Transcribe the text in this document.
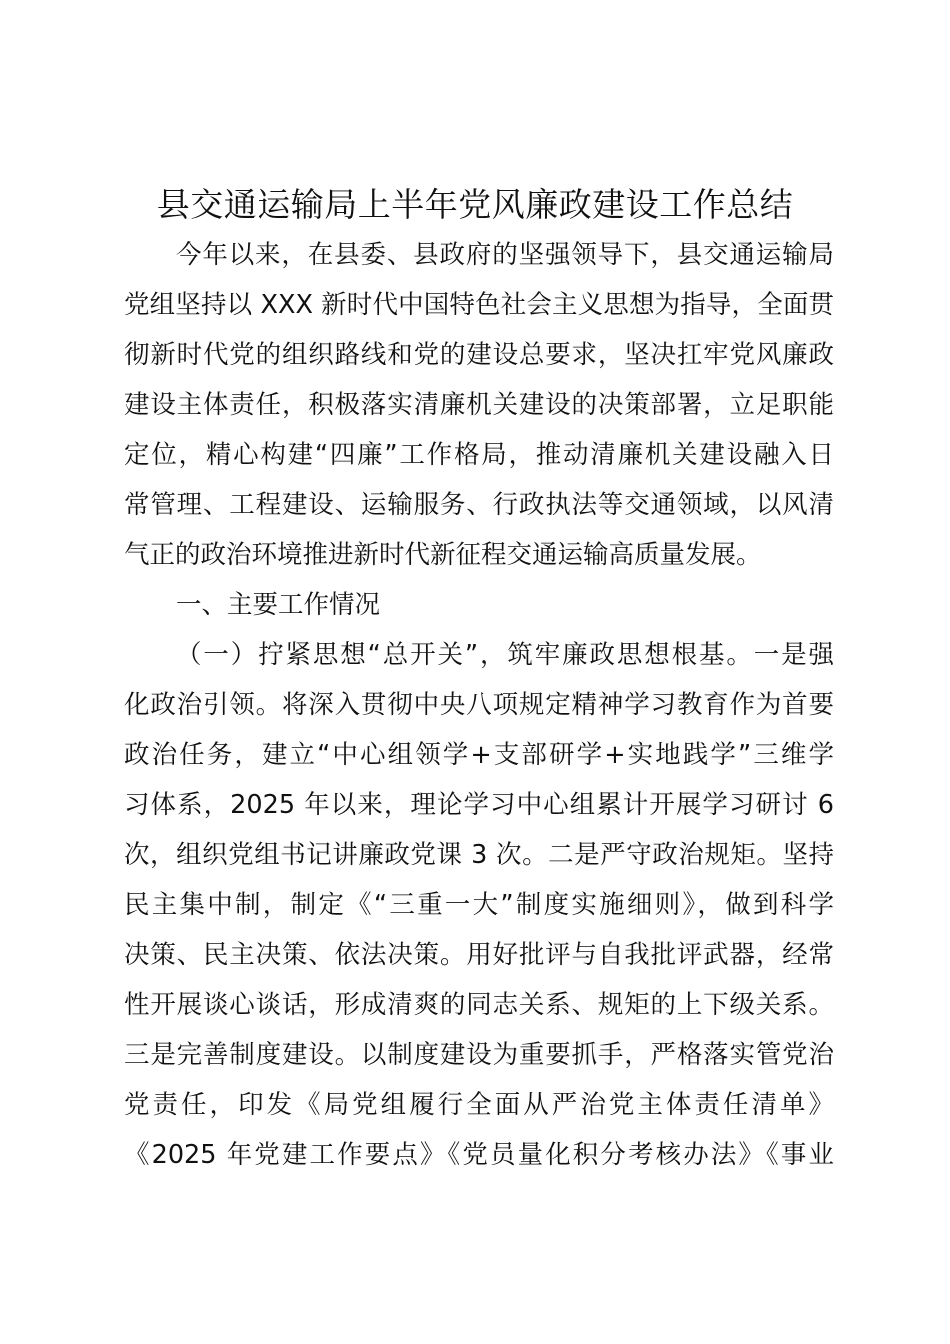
县交通运输局上半年党风廉政建设工作总结
今年以来，在县委、县政府的坚强领导下，县交通运输局
党组坚持以 XXX 新时代中国特色社会主义思想为指导，全面贯
彻新时代党的组织路线和党的建设总要求，坚决扛牢党风廉政
建设主体责任，积极落实清廉机关建设的决策部署，立足职能
定位，精心构建“四廉”工作格局，推动清廉机关建设融入日
常管理、工程建设、运输服务、行政执法等交通领域，以风清
气正的政治环境推进新时代新征程交通运输高质量发展。
一、主要工作情况
（一）拧紧思想“总开关”，筑牢廉政思想根基。一是强
化政治引领。将深入贯彻中央八项规定精神学习教育作为首要
政治任务，建立“中心组领学+支部研学+实地践学”三维学
习体系，2025 年以来，理论学习中心组累计开展学习研讨 6
次，组织党组书记讲廉政党课 3 次。二是严守政治规矩。坚持
民主集中制，制定《“三重一大”制度实施细则》，做到科学
决策、民主决策、依法决策。用好批评与自我批评武器，经常
性开展谈心谈话，形成清爽的同志关系、规矩的上下级关系。
三是完善制度建设。以制度建设为重要抓手，严格落实管党治
党责任，印发《局党组履行全面从严治党主体责任清单》
《2025 年党建工作要点》《党员量化积分考核办法》《事业
